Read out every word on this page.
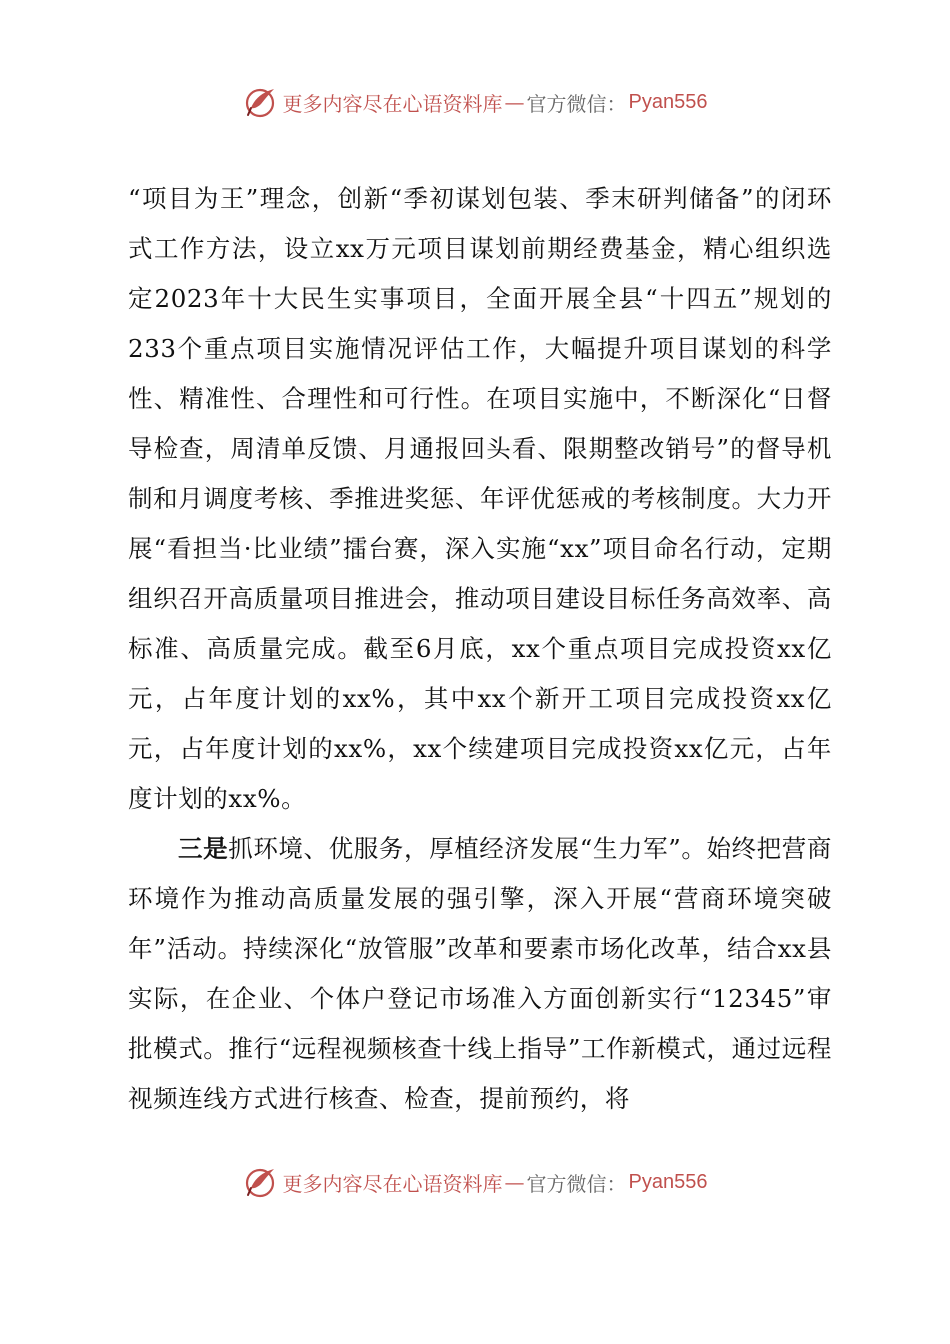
更多内容尽在心语资料库 — 官方微信： Pyan556

“项目为王”理念，创新“季初谋划包装、季末研判储备”的闭环式工作方法，设立xx万元项目谋划前期经费基金，精心组织选定2023年十大民生实事项目，全面开展全县“十四五”规划的233个重点项目实施情况评估工作，大幅提升项目谋划的科学性、精准性、合理性和可行性。在项目实施中，不断深化“日督导检查，周清单反馈、月通报回头看、限期整改销号”的督导机制和月调度考核、季推进奖惩、年评优惩戒的考核制度。大力开展“看担当·比业绩”擂台赛，深入实施“xx”项目命名行动，定期组织召开高质量项目推进会，推动项目建设目标任务高效率、高标准、高质量完成。截至6月底，xx个重点项目完成投资xx亿元，占年度计划的xx%，其中xx个新开工项目完成投资xx亿元，占年度计划的xx%，xx个续建项目完成投资xx亿元，占年度计划的xx%。

三是抓环境、优服务，厚植经济发展“生力军”。始终把营商环境作为推动高质量发展的强引擎，深入开展“营商环境突破年”活动。持续深化“放管服”改革和要素市场化改革，结合xx县实际，在企业、个体户登记市场准入方面创新实行“12345”审批模式。推行“远程视频核查十线上指导”工作新模式，通过远程视频连线方式进行核查、检查，提前预约，将

更多内容尽在心语资料库 — 官方微信： Pyan556
